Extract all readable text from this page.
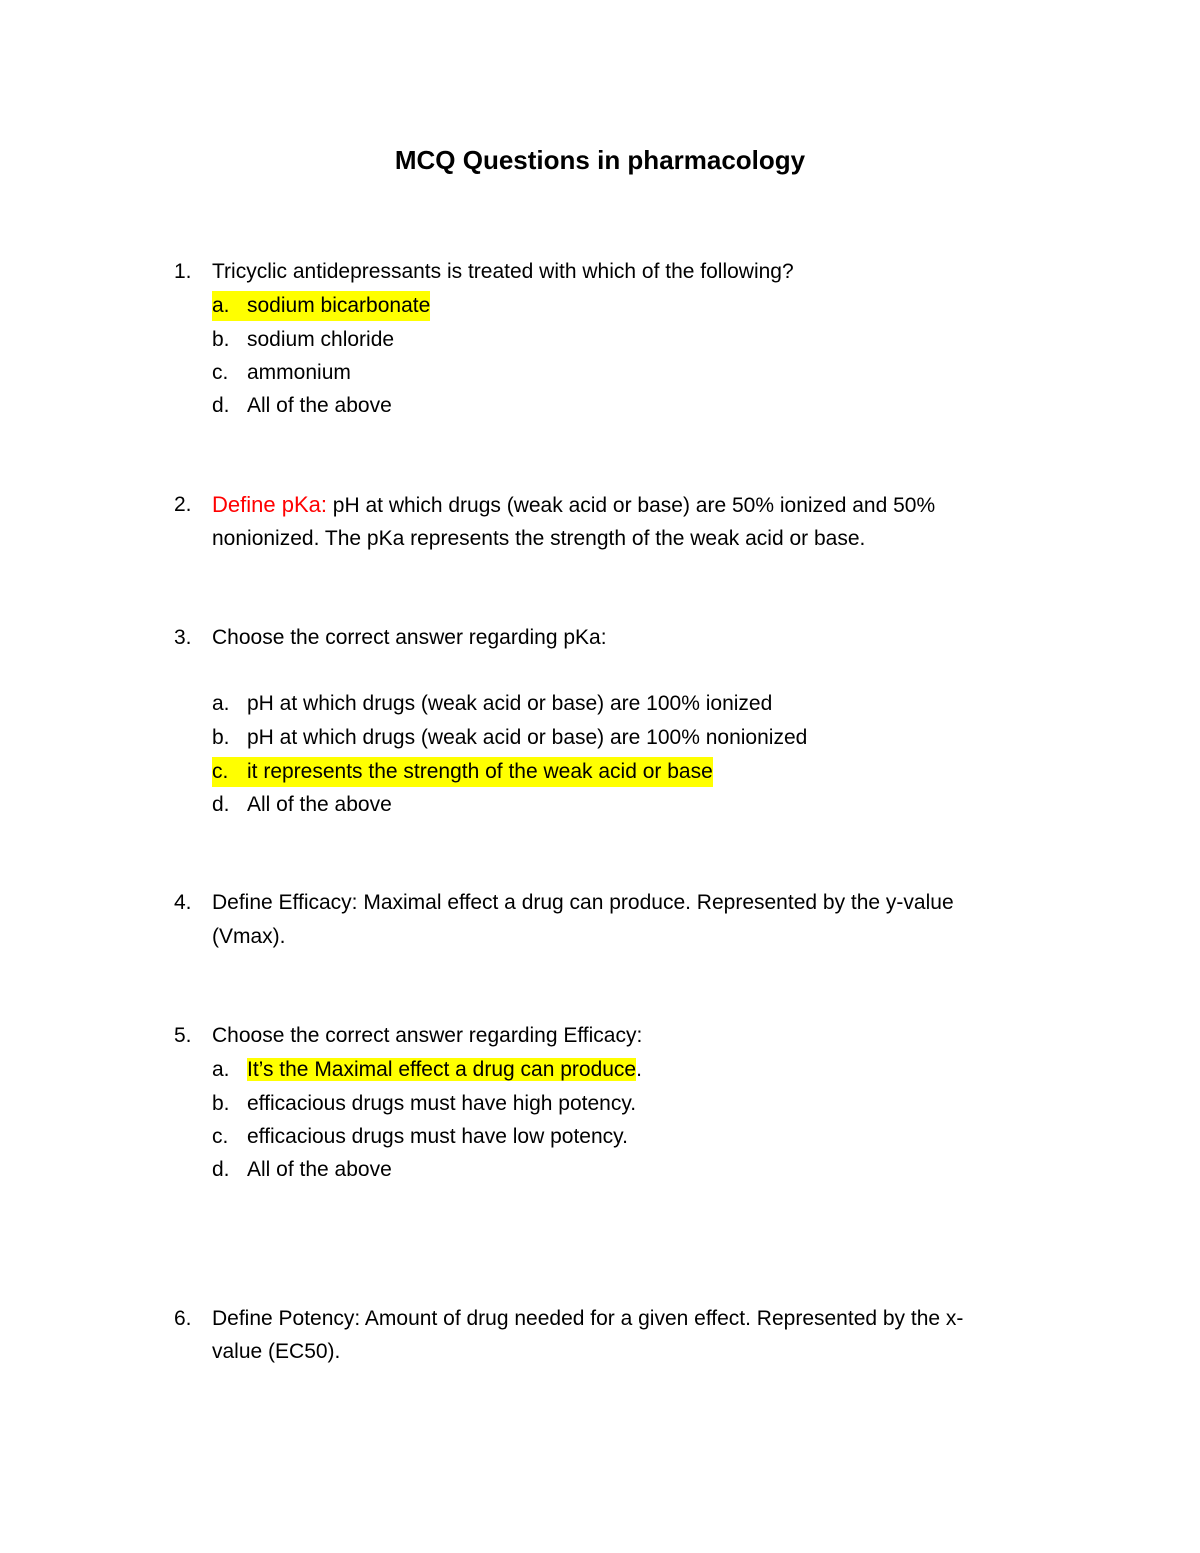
MCQ Questions in pharmacology
1. Tricyclic antidepressants is treated with which of the following?
a. sodium bicarbonate
b. sodium chloride
c. ammonium
d. All of the above
2. Define pKa: pH at which drugs (weak acid or base) are 50% ionized and 50%
nonionized. The pKa represents the strength of the weak acid or base.
3. Choose the correct answer regarding pKa:
a. pH at which drugs (weak acid or base) are 100% ionized
b. pH at which drugs (weak acid or base) are 100% nonionized
c. it represents the strength of the weak acid or base
d. All of the above
4. Define Efficacy: Maximal effect a drug can produce. Represented by the y-value
(Vmax).
5. Choose the correct answer regarding Efficacy:
a. It’s the Maximal effect a drug can produce.
b. efficacious drugs must have high potency.
c. efficacious drugs must have low potency.
d. All of the above
6. Define Potency: Amount of drug needed for a given effect. Represented by the x-
value (EC50).
